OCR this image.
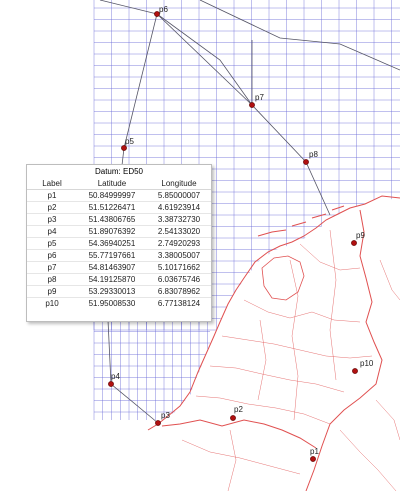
p1
p2
p3
p4
p5
p6
p7
p8
p9
p10
Datum: ED50
Label	Latitude	Longitude
p1	50.84999997	5.85000007
p2	51.51226471	4.61923914
p3	51.43806765	3.38732730
p4	51.89076392	2.54133020
p5	54.36940251	2.74920293
p6	55.77197661	3.38005007
p7	54.81463907	5.10171662
p8	54.19125870	6.03675746
p9	53.29330013	6.83078962
p10	51.95008530	6.77138124
